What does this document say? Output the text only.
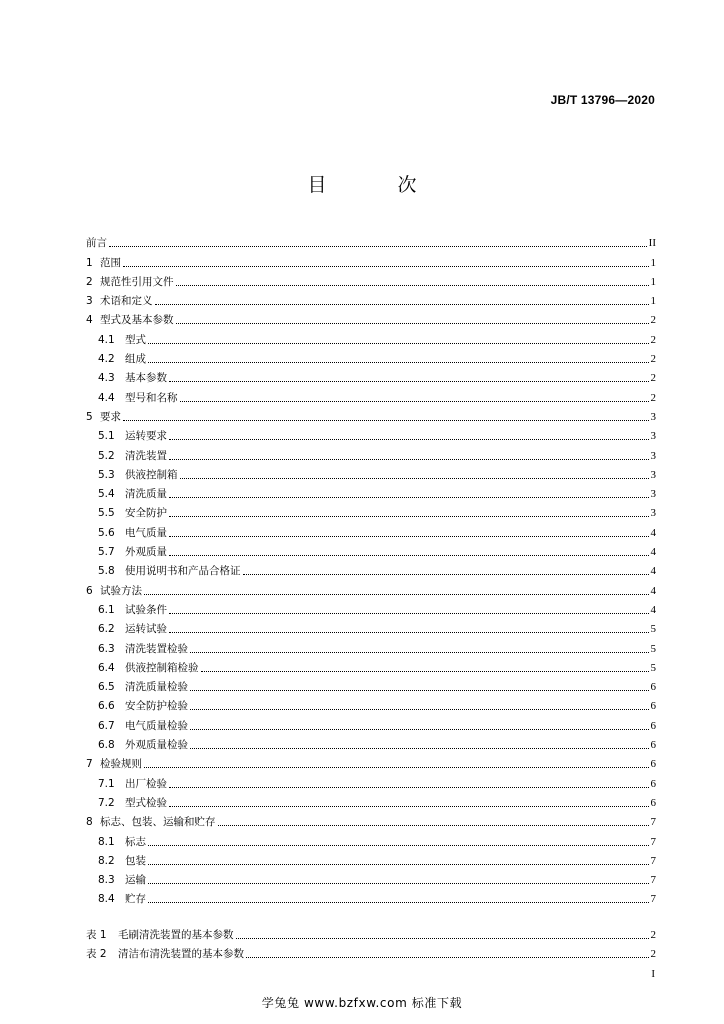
JB/T 13796—2020
目　次
前言	II
1 范围	1
2 规范性引用文件	1
3 术语和定义	1
4 型式及基本参数	2
4.1 型式	2
4.2 组成	2
4.3 基本参数	2
4.4 型号和名称	2
5 要求	3
5.1 运转要求	3
5.2 清洗装置	3
5.3 供液控制箱	3
5.4 清洗质量	3
5.5 安全防护	3
5.6 电气质量	4
5.7 外观质量	4
5.8 使用说明书和产品合格证	4
6 试验方法	4
6.1 试验条件	4
6.2 运转试验	5
6.3 清洗装置检验	5
6.4 供液控制箱检验	5
6.5 清洗质量检验	6
6.6 安全防护检验	6
6.7 电气质量检验	6
6.8 外观质量检验	6
7 检验规则	6
7.1 出厂检验	6
7.2 型式检验	6
8 标志、包装、运输和贮存	7
8.1 标志	7
8.2 包装	7
8.3 运输	7
8.4 贮存	7
表 1	毛刷清洗装置的基本参数	2
表 2	清洁布清洗装置的基本参数	2
I
学兔兔 www.bzfxw.com 标准下载
